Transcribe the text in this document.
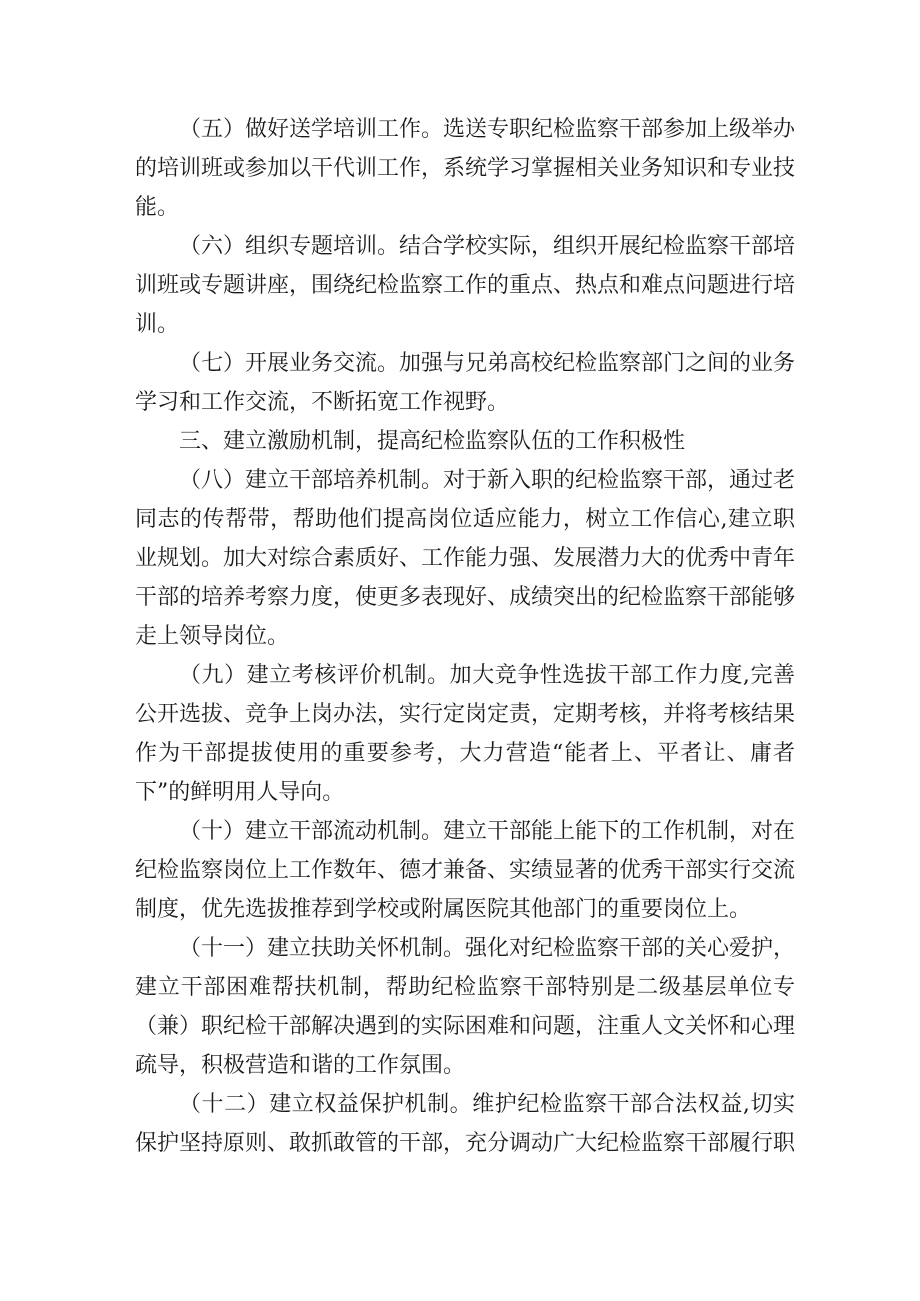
（五）做好送学培训工作。选送专职纪检监察干部参加上级举办的培训班或参加以干代训工作，系统学习掌握相关业务知识和专业技能。

（六）组织专题培训。结合学校实际，组织开展纪检监察干部培训班或专题讲座，围绕纪检监察工作的重点、热点和难点问题进行培训。

（七）开展业务交流。加强与兄弟高校纪检监察部门之间的业务学习和工作交流，不断拓宽工作视野。

三、建立激励机制，提高纪检监察队伍的工作积极性

（八）建立干部培养机制。对于新入职的纪检监察干部，通过老同志的传帮带，帮助他们提高岗位适应能力，树立工作信心,建立职业规划。加大对综合素质好、工作能力强、发展潜力大的优秀中青年干部的培养考察力度，使更多表现好、成绩突出的纪检监察干部能够走上领导岗位。

（九）建立考核评价机制。加大竞争性选拔干部工作力度,完善公开选拔、竞争上岗办法，实行定岗定责，定期考核，并将考核结果作为干部提拔使用的重要参考，大力营造“能者上、平者让、庸者下”的鲜明用人导向。

（十）建立干部流动机制。建立干部能上能下的工作机制，对在纪检监察岗位上工作数年、德才兼备、实绩显著的优秀干部实行交流制度，优先选拔推荐到学校或附属医院其他部门的重要岗位上。

（十一）建立扶助关怀机制。强化对纪检监察干部的关心爱护，建立干部困难帮扶机制，帮助纪检监察干部特别是二级基层单位专（兼）职纪检干部解决遇到的实际困难和问题，注重人文关怀和心理疏导，积极营造和谐的工作氛围。

（十二）建立权益保护机制。维护纪检监察干部合法权益,切实保护坚持原则、敢抓敢管的干部，充分调动广大纪检监察干部履行职
